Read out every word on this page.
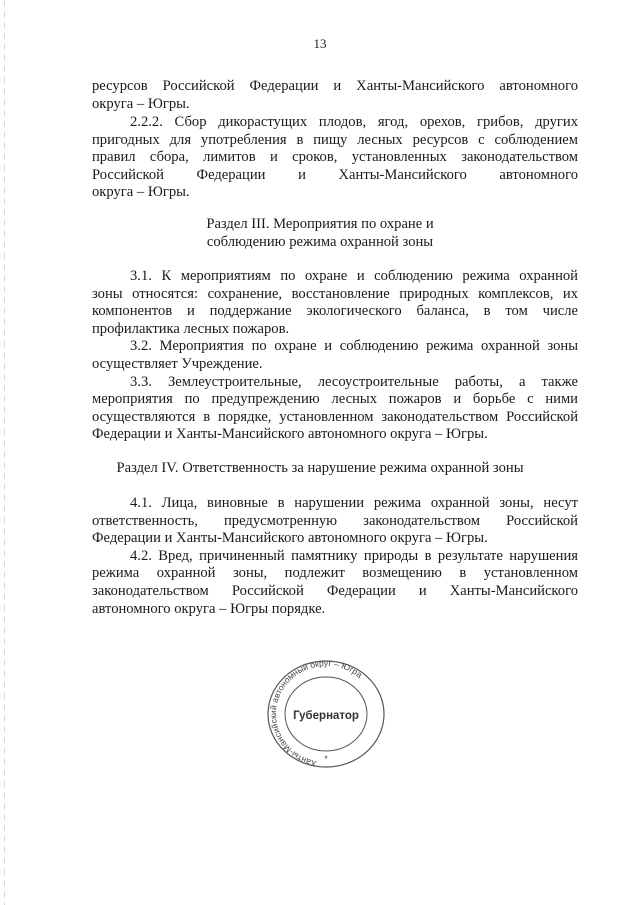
13

ресурсов Российской Федерации и Ханты-Мансийского автономного

округа – Югры.

2.2.2. Сбор дикорастущих плодов, ягод, орехов, грибов, других

пригодных для употребления в пищу лесных ресурсов с соблюдением

правил сбора, лимитов и сроков, установленных законодательством

Российской Федерации и Ханты-Мансийского автономного

округа – Югры.

Раздел III. Мероприятия по охране и

соблюдению режима охранной зоны

3.1. К мероприятиям по охране и соблюдению режима охранной

зоны относятся: сохранение, восстановление природных комплексов, их

компонентов и поддержание экологического баланса, в том числе

профилактика лесных пожаров.

3.2. Мероприятия по охране и соблюдению режима охранной зоны

осуществляет Учреждение.

3.3. Землеустроительные, лесоустроительные работы, а также

мероприятия по предупреждению лесных пожаров и борьбе с ними

осуществляются в порядке, установленном законодательством Российской

Федерации и Ханты-Мансийского автономного округа – Югры.

Раздел IV. Ответственность за нарушение режима охранной зоны

4.1. Лица, виновные в нарушении режима охранной зоны, несут

ответственность, предусмотренную законодательством Российской

Федерации и Ханты-Мансийского автономного округа – Югры.

4.2. Вред, причиненный памятнику природы в результате нарушения

режима охранной зоны, подлежит возмещению в установленном

законодательством Российской Федерации и Ханты-Мансийского

автономного округа – Югры порядке.

Ханты-Мансийский автономный округ – Югра
Губернатор
*
